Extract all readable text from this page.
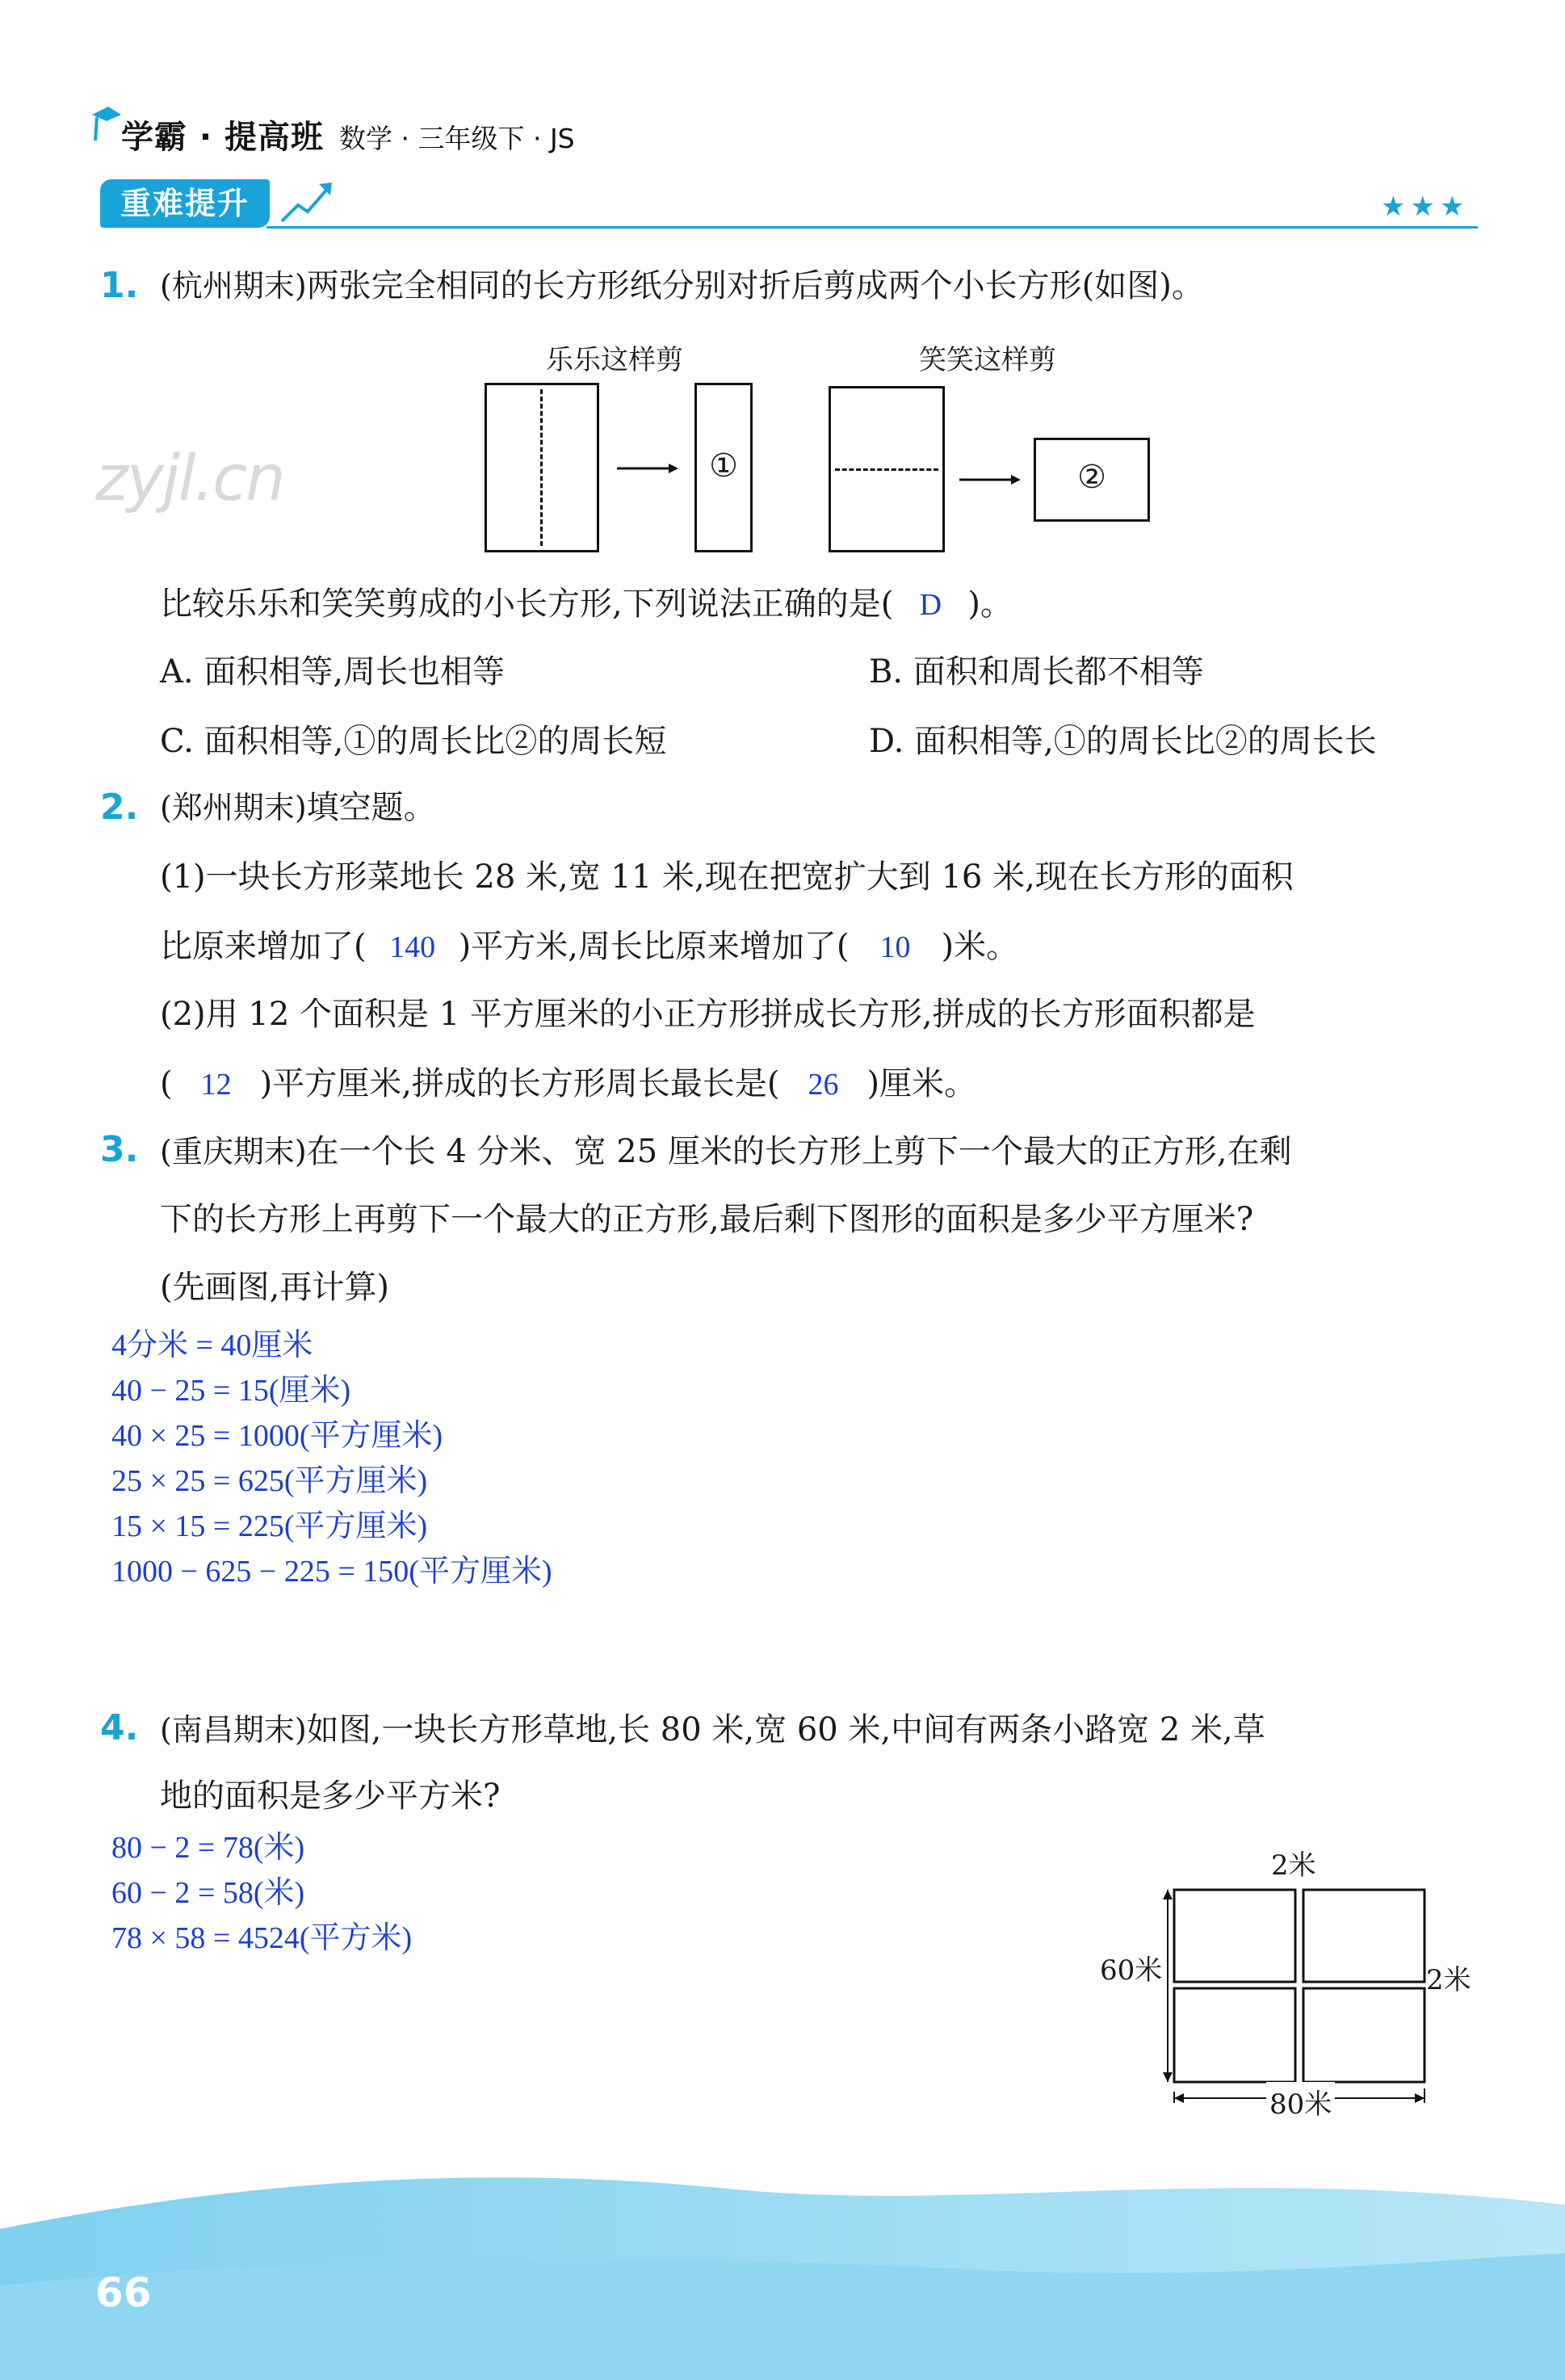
学霸 · 提高班 数学 · 三年级下 · JS
重难提升	★★★
zyjl.cn
1. (杭州期末)两张完全相同的长方形纸分别对折后剪成两个小长方形(如图)。
乐乐这样剪	笑笑这样剪
①	②
比较乐乐和笑笑剪成的小长方形,下列说法正确的是( D )。
A. 面积相等,周长也相等	B. 面积和周长都不相等
C. 面积相等,①的周长比②的周长短	D. 面积相等,①的周长比②的周长长
2. (郑州期末)填空题。
(1)一块长方形菜地长 28 米,宽 11 米,现在把宽扩大到 16 米,现在长方形的面积
比原来增加了( 140 )平方米,周长比原来增加了( 10 )米。
(2)用 12 个面积是 1 平方厘米的小正方形拼成长方形,拼成的长方形面积都是
( 12 )平方厘米,拼成的长方形周长最长是( 26 )厘米。
3. (重庆期末)在一个长 4 分米、宽 25 厘米的长方形上剪下一个最大的正方形,在剩
下的长方形上再剪下一个最大的正方形,最后剩下图形的面积是多少平方厘米?
(先画图,再计算)
4分米 = 40厘米
40 − 25 = 15(厘米)
40 × 25 = 1000(平方厘米)
25 × 25 = 625(平方厘米)
15 × 15 = 225(平方厘米)
1000 − 625 − 225 = 150(平方厘米)
4. (南昌期末)如图,一块长方形草地,长 80 米,宽 60 米,中间有两条小路宽 2 米,草
地的面积是多少平方米?
80 − 2 = 78(米)
60 − 2 = 58(米)
78 × 58 = 4524(平方米)
2米
60米	2米
80米
66
